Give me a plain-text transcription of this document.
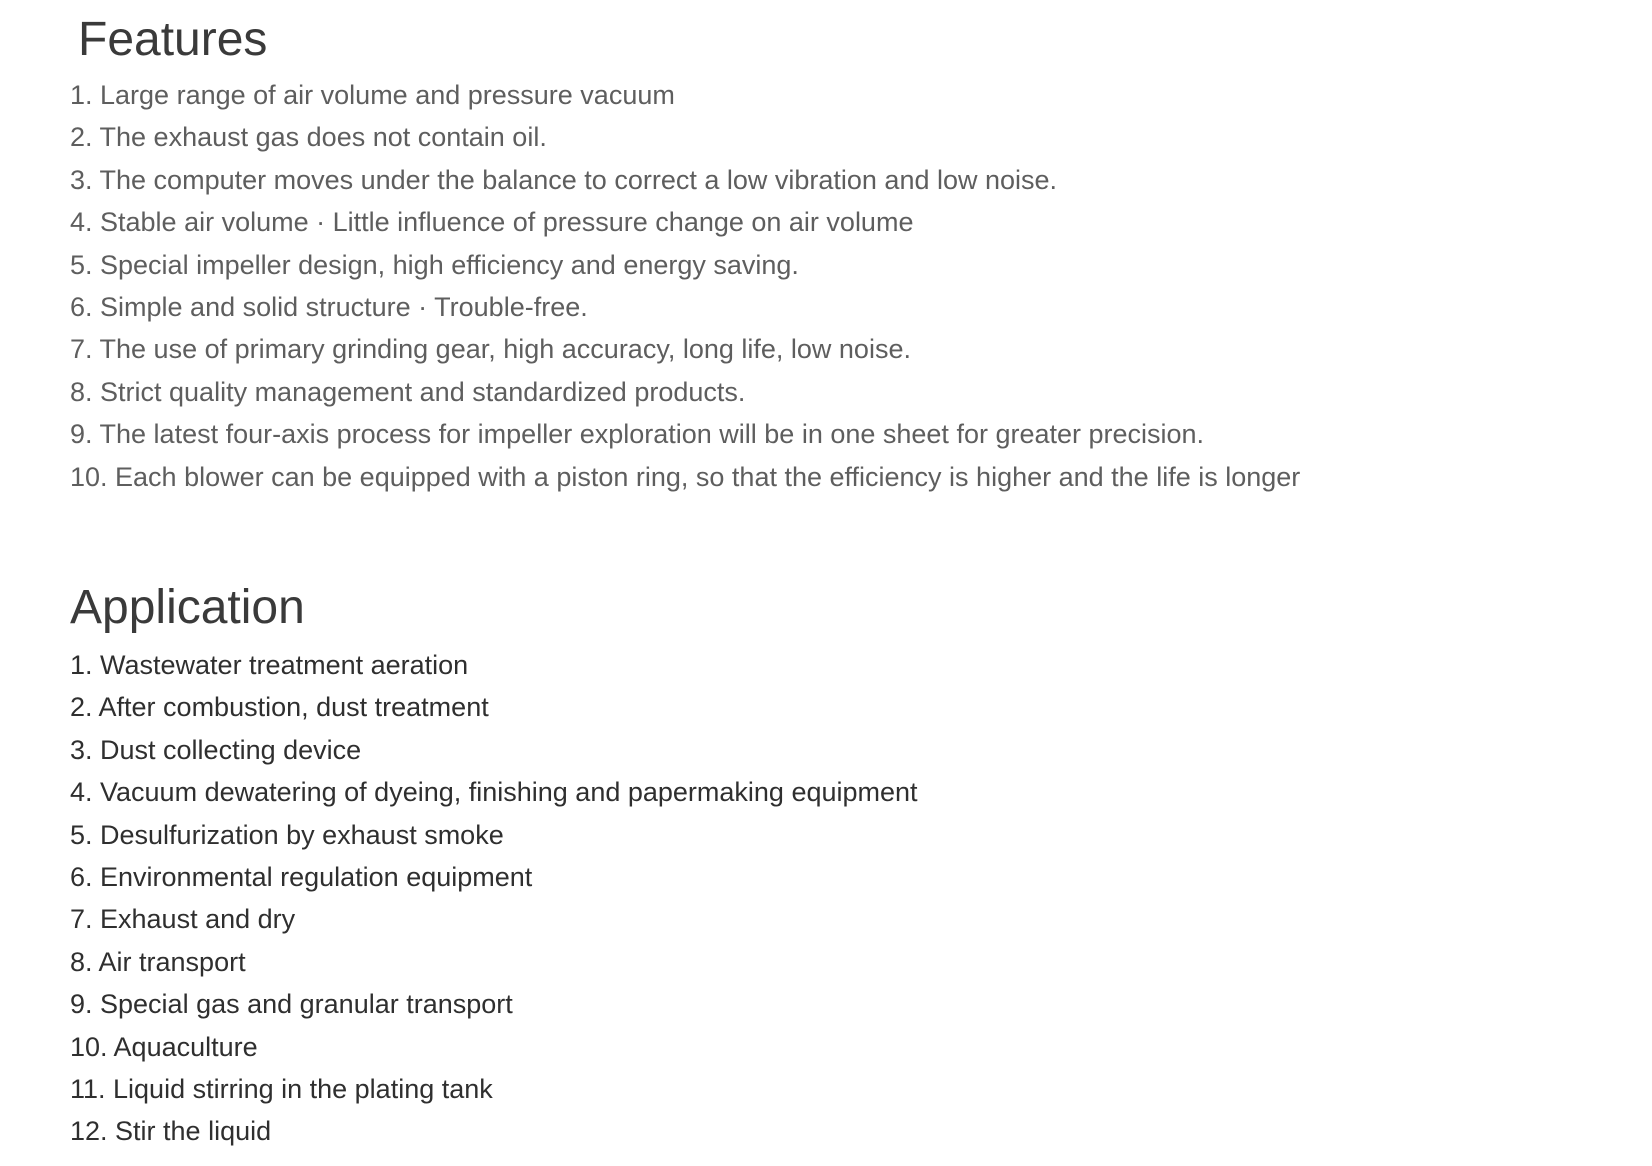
Features
1. Large range of air volume and pressure vacuum
2. The exhaust gas does not contain oil.
3. The computer moves under the balance to correct a low vibration and low noise.
4. Stable air volume · Little influence of pressure change on air volume
5. Special impeller design, high efficiency and energy saving.
6. Simple and solid structure · Trouble-free.
7. The use of primary grinding gear, high accuracy, long life, low noise.
8. Strict quality management and standardized products.
9. The latest four-axis process for impeller exploration will be in one sheet for greater precision.
10. Each blower can be equipped with a piston ring, so that the efficiency is higher and the life is longer
Application
1. Wastewater treatment aeration
2. After combustion, dust treatment
3. Dust collecting device
4. Vacuum dewatering of dyeing, finishing and papermaking equipment
5. Desulfurization by exhaust smoke
6. Environmental regulation equipment
7. Exhaust and dry
8. Air transport
9. Special gas and granular transport
10. Aquaculture
11. Liquid stirring in the plating tank
12. Stir the liquid
